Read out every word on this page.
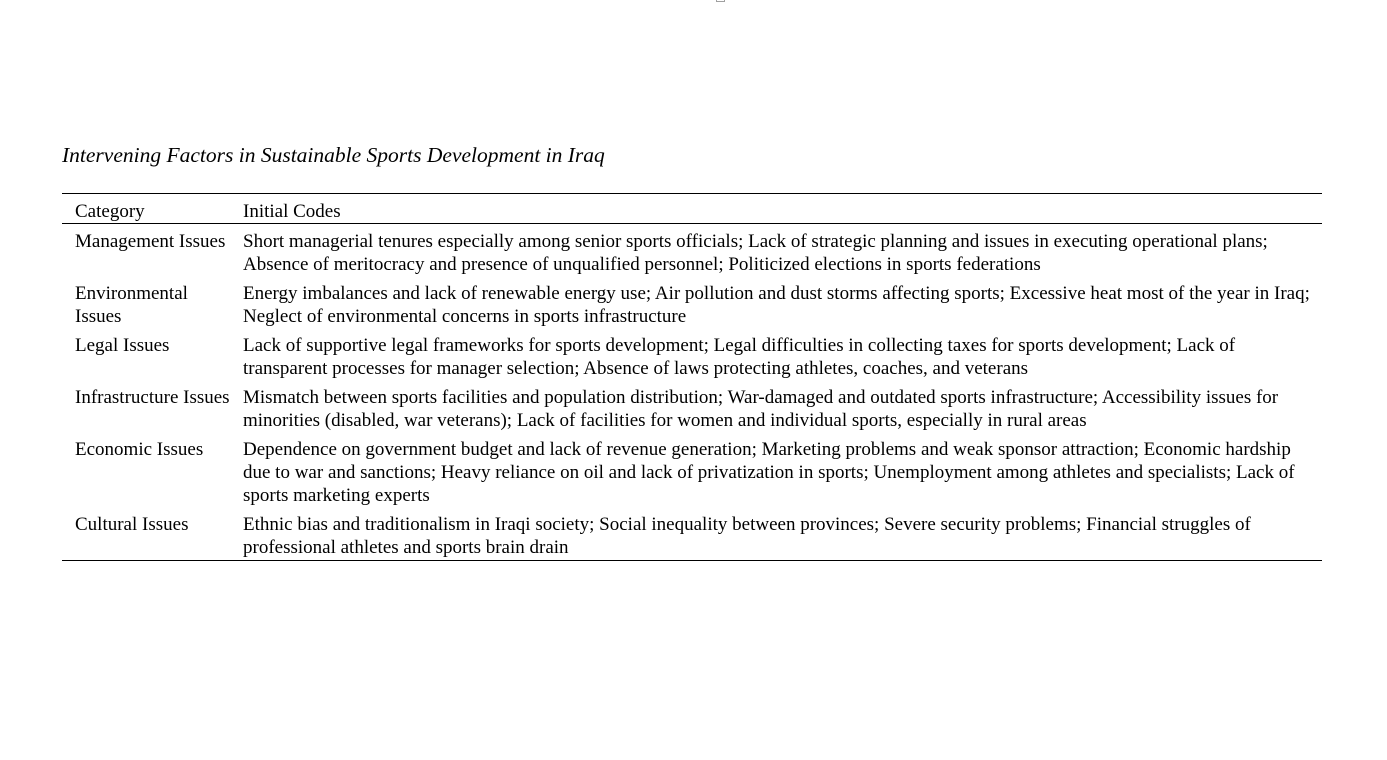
Intervening Factors in Sustainable Sports Development in Iraq
Category	Initial Codes
Management Issues	Short managerial tenures especially among senior sports officials; Lack of strategic planning and issues in executing operational plans; Absence of meritocracy and presence of unqualified personnel; Politicized elections in sports federations
Environmental Issues	Energy imbalances and lack of renewable energy use; Air pollution and dust storms affecting sports; Excessive heat most of the year in Iraq; Neglect of environmental concerns in sports infrastructure
Legal Issues	Lack of supportive legal frameworks for sports development; Legal difficulties in collecting taxes for sports development; Lack of transparent processes for manager selection; Absence of laws protecting athletes, coaches, and veterans
Infrastructure Issues	Mismatch between sports facilities and population distribution; War-damaged and outdated sports infrastructure; Accessibility issues for minorities (disabled, war veterans); Lack of facilities for women and individual sports, especially in rural areas
Economic Issues	Dependence on government budget and lack of revenue generation; Marketing problems and weak sponsor attraction; Economic hardship due to war and sanctions; Heavy reliance on oil and lack of privatization in sports; Unemployment among athletes and specialists; Lack of sports marketing experts
Cultural Issues	Ethnic bias and traditionalism in Iraqi society; Social inequality between provinces; Severe security problems; Financial struggles of professional athletes and sports brain drain
